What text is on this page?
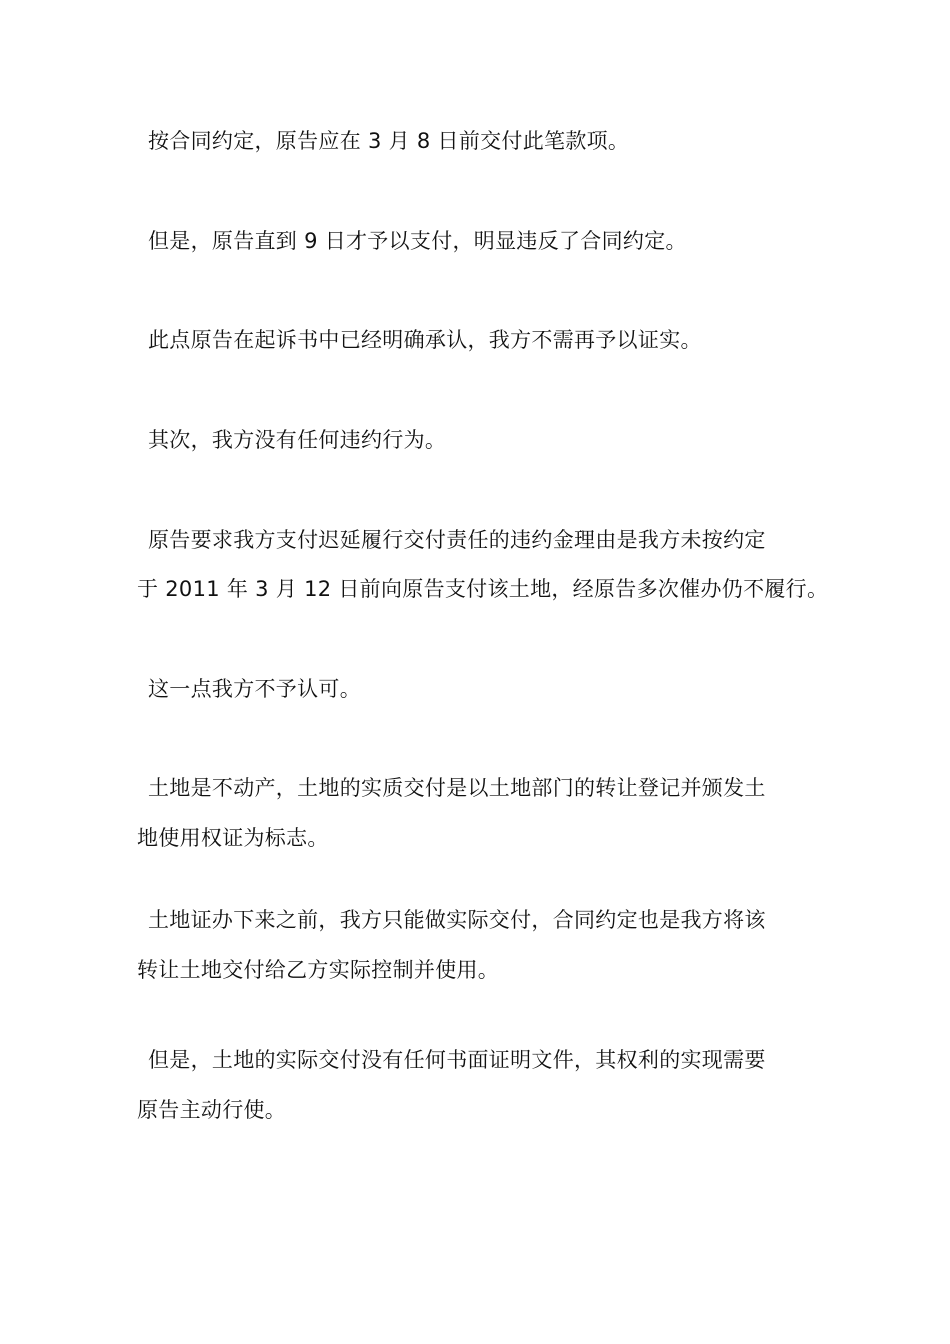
按合同约定，原告应在 3 月 8 日前交付此笔款项。
但是，原告直到 9 日才予以支付，明显违反了合同约定。
此点原告在起诉书中已经明确承认，我方不需再予以证实。
其次，我方没有任何违约行为。
原告要求我方支付迟延履行交付责任的违约金理由是我方未按约定
于 2011 年 3 月 12 日前向原告支付该土地，经原告多次催办仍不履行。
这一点我方不予认可。
土地是不动产，土地的实质交付是以土地部门的转让登记并颁发土
地使用权证为标志。
土地证办下来之前，我方只能做实际交付，合同约定也是我方将该
转让土地交付给乙方实际控制并使用。
但是，土地的实际交付没有任何书面证明文件，其权利的实现需要
原告主动行使。
